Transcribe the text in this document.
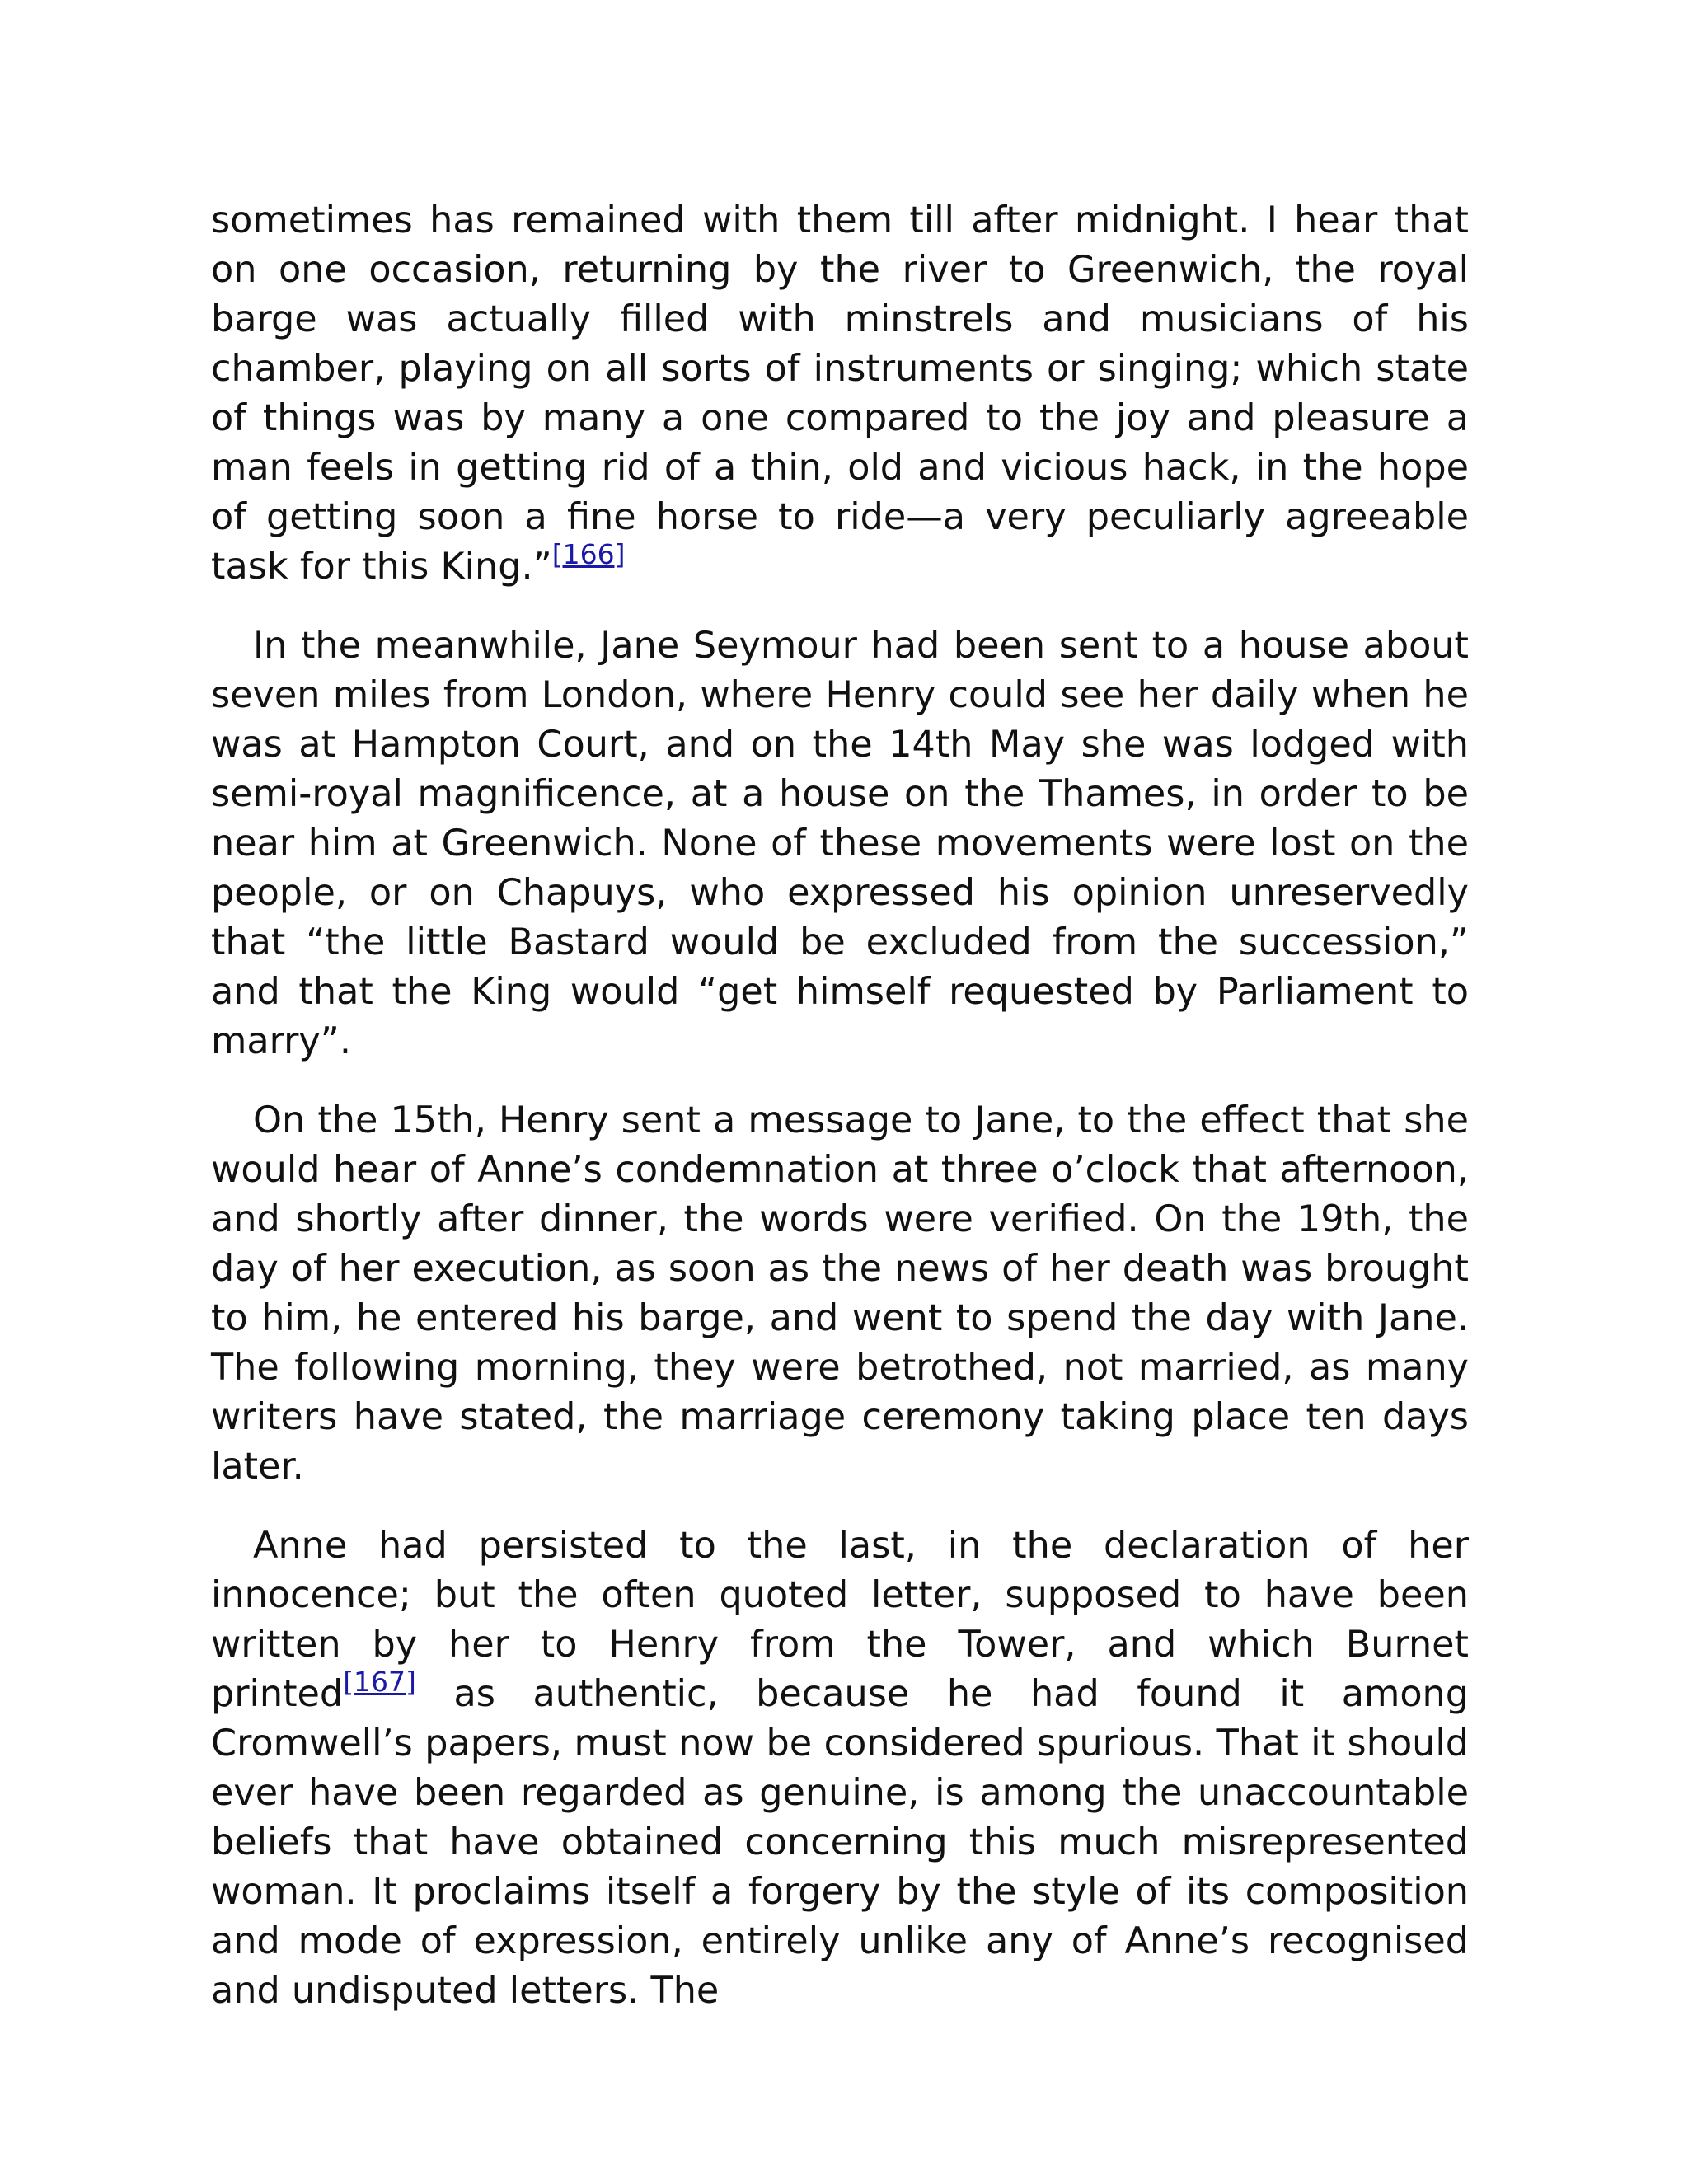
sometimes has remained with them till after midnight. I hear that on one occasion, returning by the river to Greenwich, the royal barge was actually filled with minstrels and musicians of his chamber, playing on all sorts of instruments or singing; which state of things was by many a one compared to the joy and pleasure a man feels in getting rid of a thin, old and vicious hack, in the hope of getting soon a fine horse to ride—a very peculiarly agreeable task for this King.”[166]

In the meanwhile, Jane Seymour had been sent to a house about seven miles from London, where Henry could see her daily when he was at Hampton Court, and on the 14th May she was lodged with semi-royal magnificence, at a house on the Thames, in order to be near him at Greenwich. None of these movements were lost on the people, or on Chapuys, who expressed his opinion unreservedly that “the little Bastard would be excluded from the succession,” and that the King would “get himself requested by Parliament to marry”.

On the 15th, Henry sent a message to Jane, to the effect that she would hear of Anne’s condemnation at three o’clock that afternoon, and shortly after dinner, the words were verified. On the 19th, the day of her execution, as soon as the news of her death was brought to him, he entered his barge, and went to spend the day with Jane. The following morning, they were betrothed, not married, as many writers have stated, the marriage ceremony taking place ten days later.

Anne had persisted to the last, in the declaration of her innocence; but the often quoted letter, supposed to have been written by her to Henry from the Tower, and which Burnet printed[167] as authentic, because he had found it among Cromwell’s papers, must now be considered spurious. That it should ever have been regarded as genuine, is among the unaccountable beliefs that have obtained concerning this much misrepresented woman. It proclaims itself a forgery by the style of its composition and mode of expression, entirely unlike any of Anne’s recognised and undisputed letters. The
